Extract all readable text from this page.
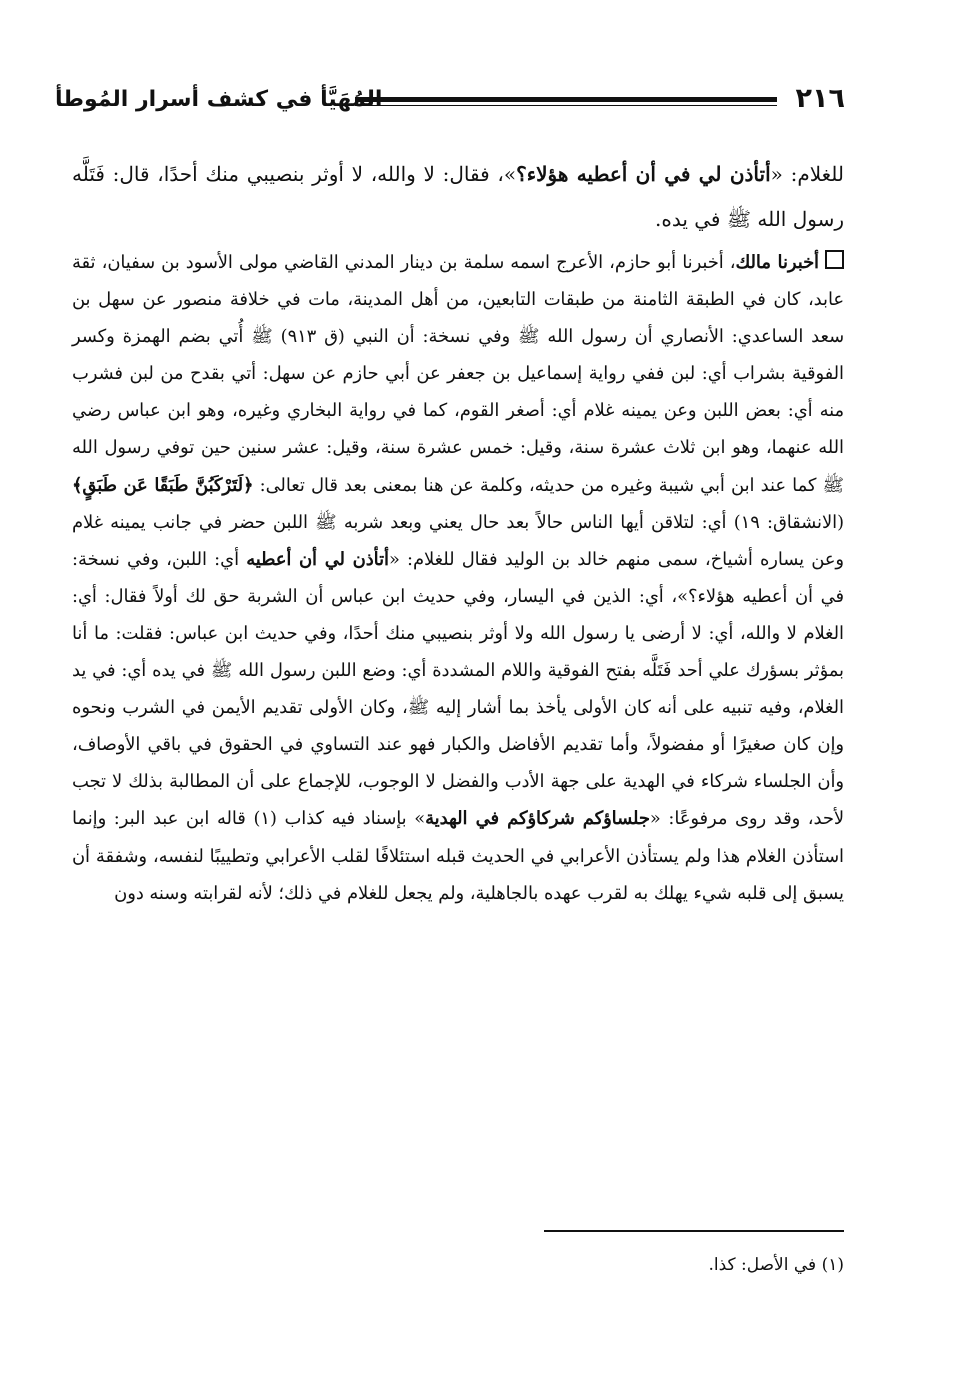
٢١٦
المُهَيَّأ في كشف أسرار المُوطأ

للغلام: «أتأذن لي في أن أعطيه هؤلاء؟»، فقال: لا والله، لا أوثر بنصيبي منك أحدًا، قال: فَتَلَّه رسول الله ﷺ في يده.

أخبرنا مالك، أخبرنا أبو حازم، الأعرج اسمه سلمة بن دينار المدني القاضي مولى الأسود بن سفيان، ثقة عابد، كان في الطبقة الثامنة من طبقات التابعين، من أهل المدينة، مات في خلافة منصور عن سهل بن سعد الساعدي: الأنصاري أن رسول الله ﷺ وفي نسخة: أن النبي (ق ٩١٣) ﷺ أُتي بضم الهمزة وكسر الفوقية بشراب أي: لبن ففي رواية إسماعيل بن جعفر عن أبي حازم عن سهل: أتي بقدح من لبن فشرب منه أي: بعض اللبن وعن يمينه غلام أي: أصغر القوم، كما في رواية البخاري وغيره، وهو ابن عباس رضي الله عنهما، وهو ابن ثلاث عشرة سنة، وقيل: خمس عشرة سنة، وقيل: عشر سنين حين توفي رسول الله ﷺ كما عند ابن أبي شيبة وغيره من حديثه، وكلمة عن هنا بمعنى بعد قال تعالى: ﴿لَتَرْكَبُنَّ طَبَقًا عَن طَبَقٍ﴾ (الانشقاق: ١٩) أي: لتلاقن أيها الناس حالاً بعد حال يعني وبعد شربه ﷺ اللبن حضر في جانب يمينه غلام وعن يساره أشياخ، سمى منهم خالد بن الوليد فقال للغلام: «أتأذن لي أن أعطيه أي: اللبن، وفي نسخة: في أن أعطيه هؤلاء؟»، أي: الذين في اليسار، وفي حديث ابن عباس أن الشربة حق لك أولاً فقال: أي: الغلام لا والله، أي: لا أرضى يا رسول الله ولا أوثر بنصيبي منك أحدًا، وفي حديث ابن عباس: فقلت: ما أنا بمؤثر بسؤرك علي أحد فَتَلَّه بفتح الفوقية واللام المشددة أي: وضع اللبن رسول الله ﷺ في يده أي: في يد الغلام، وفيه تنبيه على أنه كان الأولى يأخذ بما أشار إليه ﷺ، وكان الأولى تقديم الأيمن في الشرب ونحوه وإن كان صغيرًا أو مفضولاً، وأما تقديم الأفاضل والكبار فهو عند التساوي في الحقوق في باقي الأوصاف، وأن الجلساء شركاء في الهدية على جهة الأدب والفضل لا الوجوب، للإجماع على أن المطالبة بذلك لا تجب لأحد، وقد روى مرفوعًا: «جلساؤكم شركاؤكم في الهدية» بإسناد فيه كذاب (١) قاله ابن عبد البر: وإنما استأذن الغلام هذا ولم يستأذن الأعرابي في الحديث قبله استئلافًا لقلب الأعرابي وتطييبًا لنفسه، وشفقة أن يسبق إلى قلبه شيء يهلك به لقرب عهده بالجاهلية، ولم يجعل للغلام في ذلك؛ لأنه لقرابته وسنه دون

(١) في الأصل: كذا.
